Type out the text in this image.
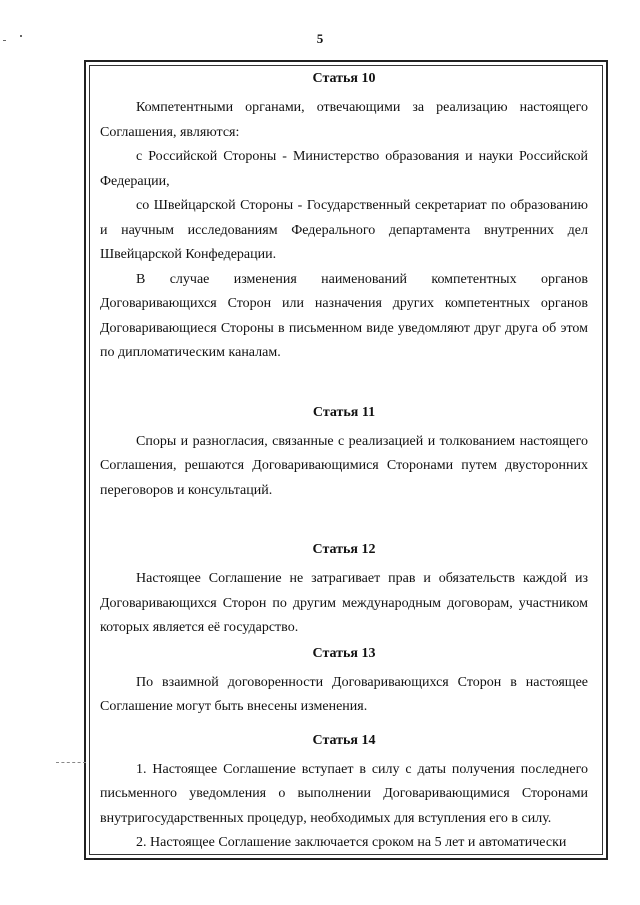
5
Статья 10

Компетентными органами, отвечающими за реализацию настоящего Соглашения, являются:

с Российской Стороны - Министерство образования и науки Российской Федерации,

со Швейцарской Стороны - Государственный секретариат по образованию и научным исследованиям Федерального департамента внутренних дел Швейцарской Конфедерации.

В случае изменения наименований компетентных органов Договаривающихся Сторон или назначения других компетентных органов Договаривающиеся Стороны в письменном виде уведомляют друг друга об этом по дипломатическим каналам.

Статья 11

Споры и разногласия, связанные с реализацией и толкованием настоящего Соглашения, решаются Договаривающимися Сторонами путем двусторонних переговоров и консультаций.

Статья 12

Настоящее Соглашение не затрагивает прав и обязательств каждой из Договаривающихся Сторон по другим международным договорам, участником которых является её государство.

Статья 13

По взаимной договоренности Договаривающихся Сторон в настоящее Соглашение могут быть внесены изменения.

Статья 14

1. Настоящее Соглашение вступает в силу с даты получения последнего письменного уведомления о выполнении Договаривающимися Сторонами внутригосударственных процедур, необходимых для вступления его в силу.

2. Настоящее Соглашение заключается сроком на 5 лет и автоматически
